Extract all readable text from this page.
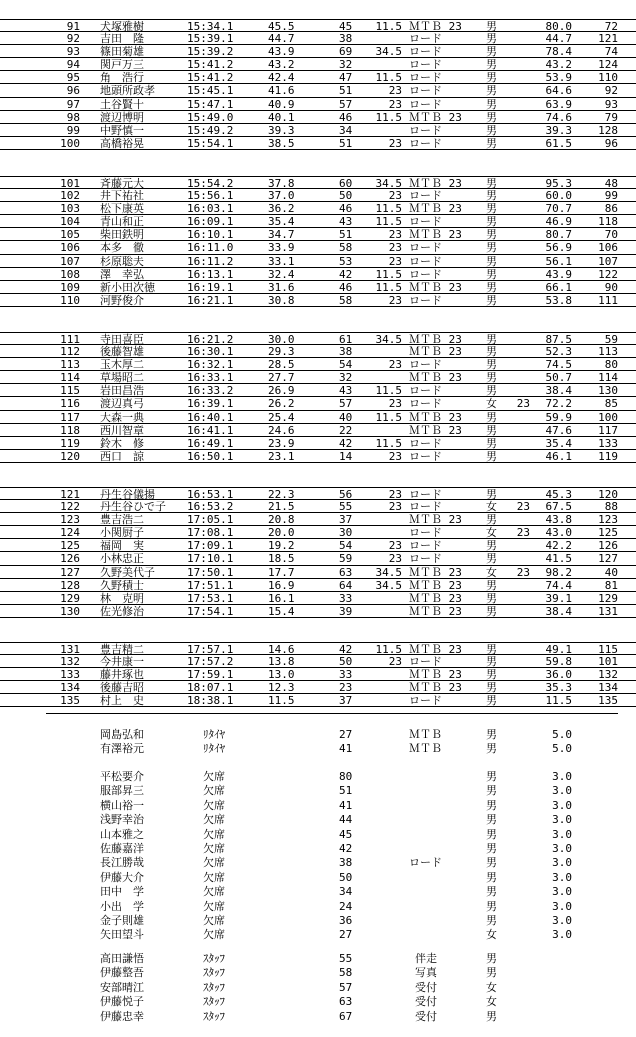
91 犬塚雅樹	15:34.1	45.5	45	11.5 ＭＴＢ 23 男	80.0	72
92 吉田　隆	15:39.1	44.7	38	ロード	男	44.7	121
93 篠田菊雄	15:39.2	43.9	69	34.5 ロード	男	78.4	74
94 関戸万三	15:41.2	43.2	32	ロード	男	43.2	124
95 角　浩行	15:41.2	42.4	47	11.5 ロード	男	53.9	110
96 地頭所政孝	15:45.1	41.6	51	23 ロード	男	64.6	92
97 土谷賢十	15:47.1	40.9	57	23 ロード	男	63.9	93
98 渡辺博明	15:49.0	40.1	46	11.5 ＭＴＢ 23 男	74.6	79
99 中野慎一	15:49.2	39.3	34	ロード	男	39.3	128
100 高橋裕晃	15:54.1	38.5	51	23 ロード	男	61.5	96
101 斉藤元大	15:54.2	37.8	60	34.5 ＭＴＢ 23 男	95.3	48
102 井下祐社	15:56.1	37.0	50	23 ロード	男	60.0	99
103 松下康英	16:03.1	36.2	46	11.5 ＭＴＢ 23 男	70.7	86
104 青山和正	16:09.1	35.4	43	11.5 ロード	男	46.9	118
105 柴田鉄明	16:10.1	34.7	51	23 ＭＴＢ 23 男	80.7	70
106 本多　徹	16:11.0	33.9	58	23 ロード	男	56.9	106
107 杉原聡夫	16:11.2	33.1	53	23 ロード	男	56.1	107
108 澤　幸弘	16:13.1	32.4	42	11.5 ロード	男	43.9	122
109 新小田次徳	16:19.1	31.6	46	11.5 ＭＴＢ 23 男	66.1	90
110 河野俊介	16:21.1	30.8	58	23 ロード	男	53.8	111
111 寺田喜臣	16:21.2	30.0	61	34.5 ＭＴＢ 23 男	87.5	59
112 後藤智雄	16:30.1	29.3	38	ＭＴＢ 23 男	52.3	113
113 玉木厚二	16:32.1	28.5	54	23 ロード	男	74.5	80
114 草場昭二	16:33.1	27.7	32	ＭＴＢ 23 男	50.7	114
115 岩田昌浩	16:33.2	26.9	43	11.5 ロード	男	38.4	130
116 渡辺真弓	16:39.1	26.2	57	23 ロード	女	23	72.2	85
117 大森一典	16:40.1	25.4	40	11.5 ＭＴＢ 23 男	59.9	100
118 西川智章	16:41.1	24.6	22	ＭＴＢ 23 男	47.6	117
119 鈴木　修	16:49.1	23.9	42	11.5 ロード	男	35.4	133
120 西口　諒	16:50.1	23.1	14	23 ロード	男	46.1	119
121 丹生谷儀揚	16:53.1	22.3	56	23 ロード	男	45.3	120
122 丹生谷ひで子 16:53.2	21.5	55	23 ロード	女	23	67.5	88
123 豊吉浩二	17:05.1	20.8	37	ＭＴＢ 23 男	43.8	123
124 小関厨子	17:08.1	20.0	30	ロード	女	23	43.0	125
125 福岡　実	17:09.1	19.2	54	23 ロード	男	42.2	126
126 小林忠正	17:10.1	18.5	59	23 ロード	男	41.5	127
127 久野美代子	17:50.1	17.7	63	34.5 ＭＴＢ 23 女	23	98.2	40
128 久野積士	17:51.1	16.9	64	34.5 ＭＴＢ 23 男	74.4	81
129 林　克明	17:53.1	16.1	33	ＭＴＢ 23 男	39.1	129
130 佐光修治	17:54.1	15.4	39	ＭＴＢ 23 男	38.4	131
131 豊吉精二	17:57.1	14.6	42	11.5 ＭＴＢ 23 男	49.1	115
132 今井康一	17:57.2	13.8	50	23 ロード	男	59.8	101
133 藤井琢也	17:59.1	13.0	33	ＭＴＢ 23 男	36.0	132
134 後藤吉昭	18:07.1	12.3	23	ＭＴＢ 23 男	35.3	134
135 村上　史	18:38.1	11.5	37	ロード	男	11.5	135
岡島弘和	ﾘﾀｲﾔ	27	ＭＴＢ	男	5.0
有澤裕元	ﾘﾀｲﾔ	41	ＭＴＢ	男	5.0
平松要介	欠席	80	男	3.0
服部昇三	欠席	51	男	3.0
横山裕一	欠席	41	男	3.0
浅野幸治	欠席	44	男	3.0
山本雅之	欠席	45	男	3.0
佐藤嘉洋	欠席	42	男	3.0
長江勝哉	欠席	38	ロード	男	3.0
伊藤大介	欠席	50	男	3.0
田中　学	欠席	34	男	3.0
小出　学	欠席	24	男	3.0
金子則雄	欠席	36	男	3.0
矢田望斗	欠席	27	女	3.0
高田謙悟	ｽﾀｯﾌ	55	伴走	男
伊藤整吾	ｽﾀｯﾌ	58	写真	男
安部晴江	ｽﾀｯﾌ	57	受付	女
伊藤悦子	ｽﾀｯﾌ	63	受付	女
伊藤忠幸	ｽﾀｯﾌ	67	受付	男
